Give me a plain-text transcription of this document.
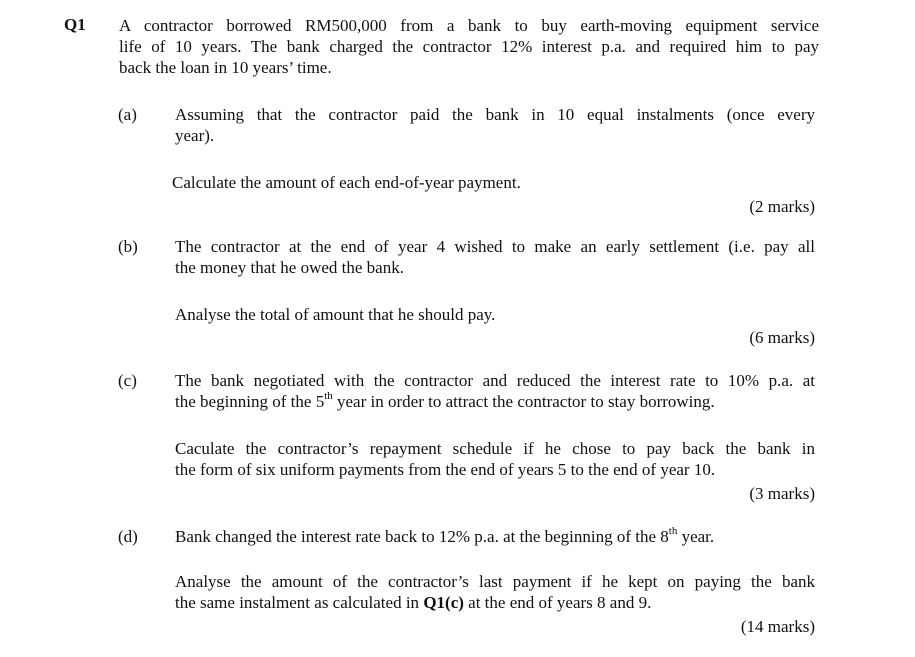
Q1 A contractor borrowed RM500,000 from a bank to buy earth-moving equipment service
life of 10 years. The bank charged the contractor 12% interest p.a. and required him to pay
back the loan in 10 years’ time.
(a) Assuming that the contractor paid the bank in 10 equal instalments (once every
year).
Calculate the amount of each end-of-year payment.
(2 marks)
(b) The contractor at the end of year 4 wished to make an early settlement (i.e. pay all
the money that he owed the bank.
Analyse the total of amount that he should pay.
(6 marks)
(c) The bank negotiated with the contractor and reduced the interest rate to 10% p.a. at
the beginning of the 5th year in order to attract the contractor to stay borrowing.
Caculate the contractor’s repayment schedule if he chose to pay back the bank in
the form of six uniform payments from the end of years 5 to the end of year 10.
(3 marks)
(d) Bank changed the interest rate back to 12% p.a. at the beginning of the 8th year.
Analyse the amount of the contractor’s last payment if he kept on paying the bank
the same instalment as calculated in Q1(c) at the end of years 8 and 9.
(14 marks)
